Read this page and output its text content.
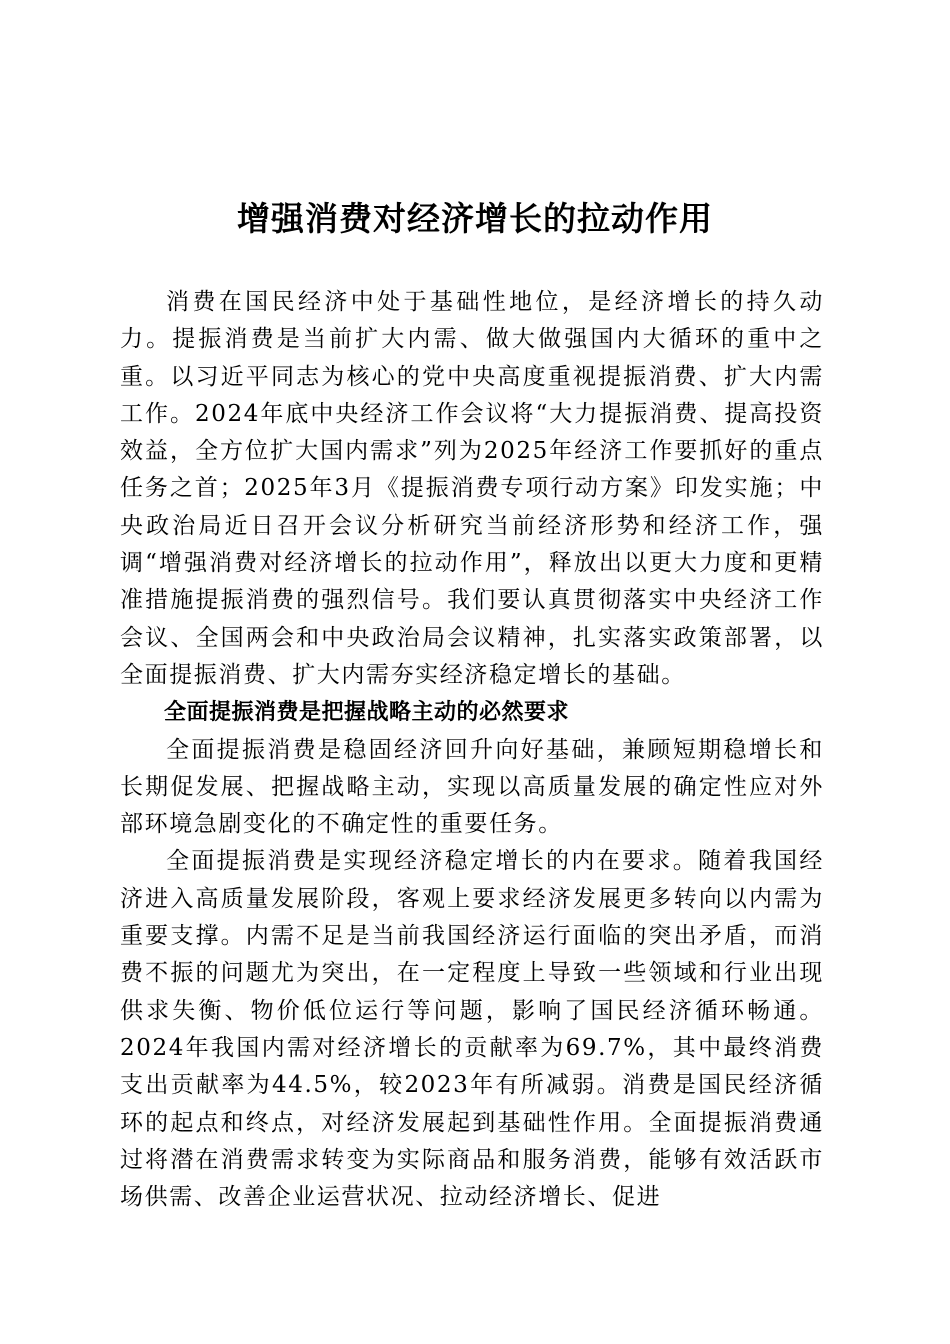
增强消费对经济增长的拉动作用

消费在国民经济中处于基础性地位，是经济增长的持久动力。提振消费是当前扩大内需、做大做强国内大循环的重中之重。以习近平同志为核心的党中央高度重视提振消费、扩大内需工作。2024年底中央经济工作会议将“大力提振消费、提高投资效益，全方位扩大国内需求”列为2025年经济工作要抓好的重点任务之首；2025年3月《提振消费专项行动方案》印发实施；中央政治局近日召开会议分析研究当前经济形势和经济工作，强调“增强消费对经济增长的拉动作用”，释放出以更大力度和更精准措施提振消费的强烈信号。我们要认真贯彻落实中央经济工作会议、全国两会和中央政治局会议精神，扎实落实政策部署，以全面提振消费、扩大内需夯实经济稳定增长的基础。

全面提振消费是把握战略主动的必然要求

全面提振消费是稳固经济回升向好基础，兼顾短期稳增长和长期促发展、把握战略主动，实现以高质量发展的确定性应对外部环境急剧变化的不确定性的重要任务。

全面提振消费是实现经济稳定增长的内在要求。随着我国经济进入高质量发展阶段，客观上要求经济发展更多转向以内需为重要支撑。内需不足是当前我国经济运行面临的突出矛盾，而消费不振的问题尤为突出，在一定程度上导致一些领域和行业出现供求失衡、物价低位运行等问题，影响了国民经济循环畅通。2024年我国内需对经济增长的贡献率为69.7%，其中最终消费支出贡献率为44.5%，较2023年有所减弱。消费是国民经济循环的起点和终点，对经济发展起到基础性作用。全面提振消费通过将潜在消费需求转变为实际商品和服务消费，能够有效活跃市场供需、改善企业运营状况、拉动经济增长、促进
